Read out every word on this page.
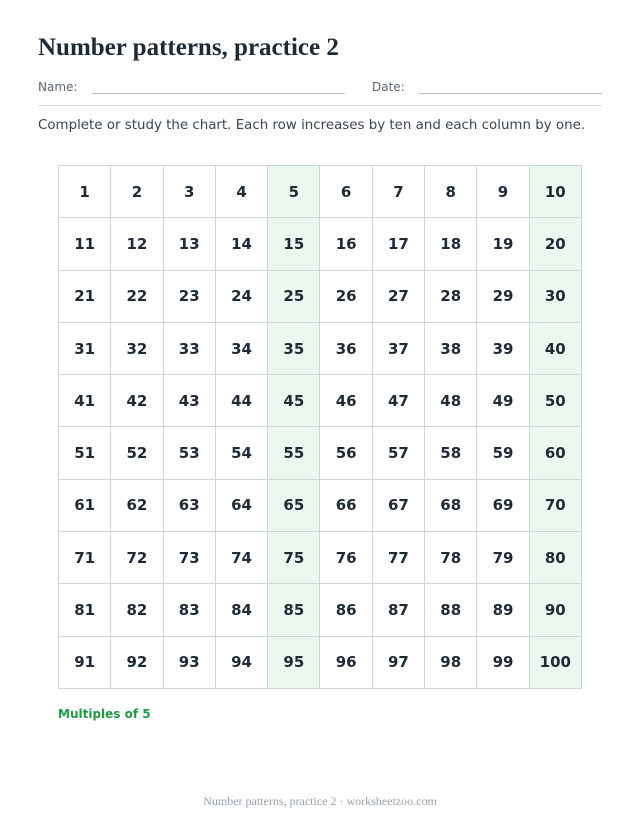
Number patterns, practice 2
Name:	Date:

Complete or study the chart. Each row increases by ten and each column by one.

1	2	3	4	5	6	7	8	9	10
11	12	13	14	15	16	17	18	19	20
21	22	23	24	25	26	27	28	29	30
31	32	33	34	35	36	37	38	39	40
41	42	43	44	45	46	47	48	49	50
51	52	53	54	55	56	57	58	59	60
61	62	63	64	65	66	67	68	69	70
71	72	73	74	75	76	77	78	79	80
81	82	83	84	85	86	87	88	89	90
91	92	93	94	95	96	97	98	99	100

Multiples of 5

Number patterns, practice 2 · worksheetzoo.com
